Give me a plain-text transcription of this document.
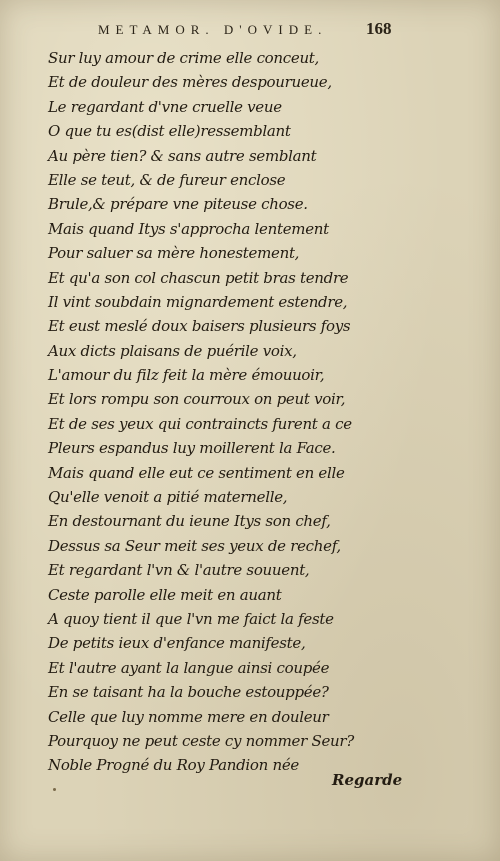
METAMOR. D'OVIDE.	168
Sur luy amour de crime elle conceut,
Et de douleur des mères despourueue,
Le regardant d'vne cruelle veue
O que tu es(dist elle)ressemblant
Au père tien? & sans autre semblant
Elle se teut, & de fureur enclose
Brule,& prépare vne piteuse chose.
Mais quand Itys s'approcha lentement
Pour saluer sa mère honestement,
Et qu'a son col chascun petit bras tendre
Il vint soubdain mignardement estendre,
Et eust meslé doux baisers plusieurs foys
Aux dicts plaisans de puérile voix,
L'amour du filz feit la mère émouuoir,
Et lors rompu son courroux on peut voir,
Et de ses yeux qui contraincts furent a ce
Pleurs espandus luy moillerent la Face.
Mais quand elle eut ce sentiment en elle
Qu'elle venoit a pitié maternelle,
En destournant du ieune Itys son chef,
Dessus sa Seur meit ses yeux de rechef,
Et regardant l'vn & l'autre souuent,
Ceste parolle elle meit en auant
A quoy tient il que l'vn me faict la feste
De petits ieux d'enfance manifeste,
Et l'autre ayant la langue ainsi coupée
En se taisant ha la bouche estouppée?
Celle que luy nomme mere en douleur
Pourquoy ne peut ceste cy nommer Seur?
Noble Progné du Roy Pandion née
Regarde
